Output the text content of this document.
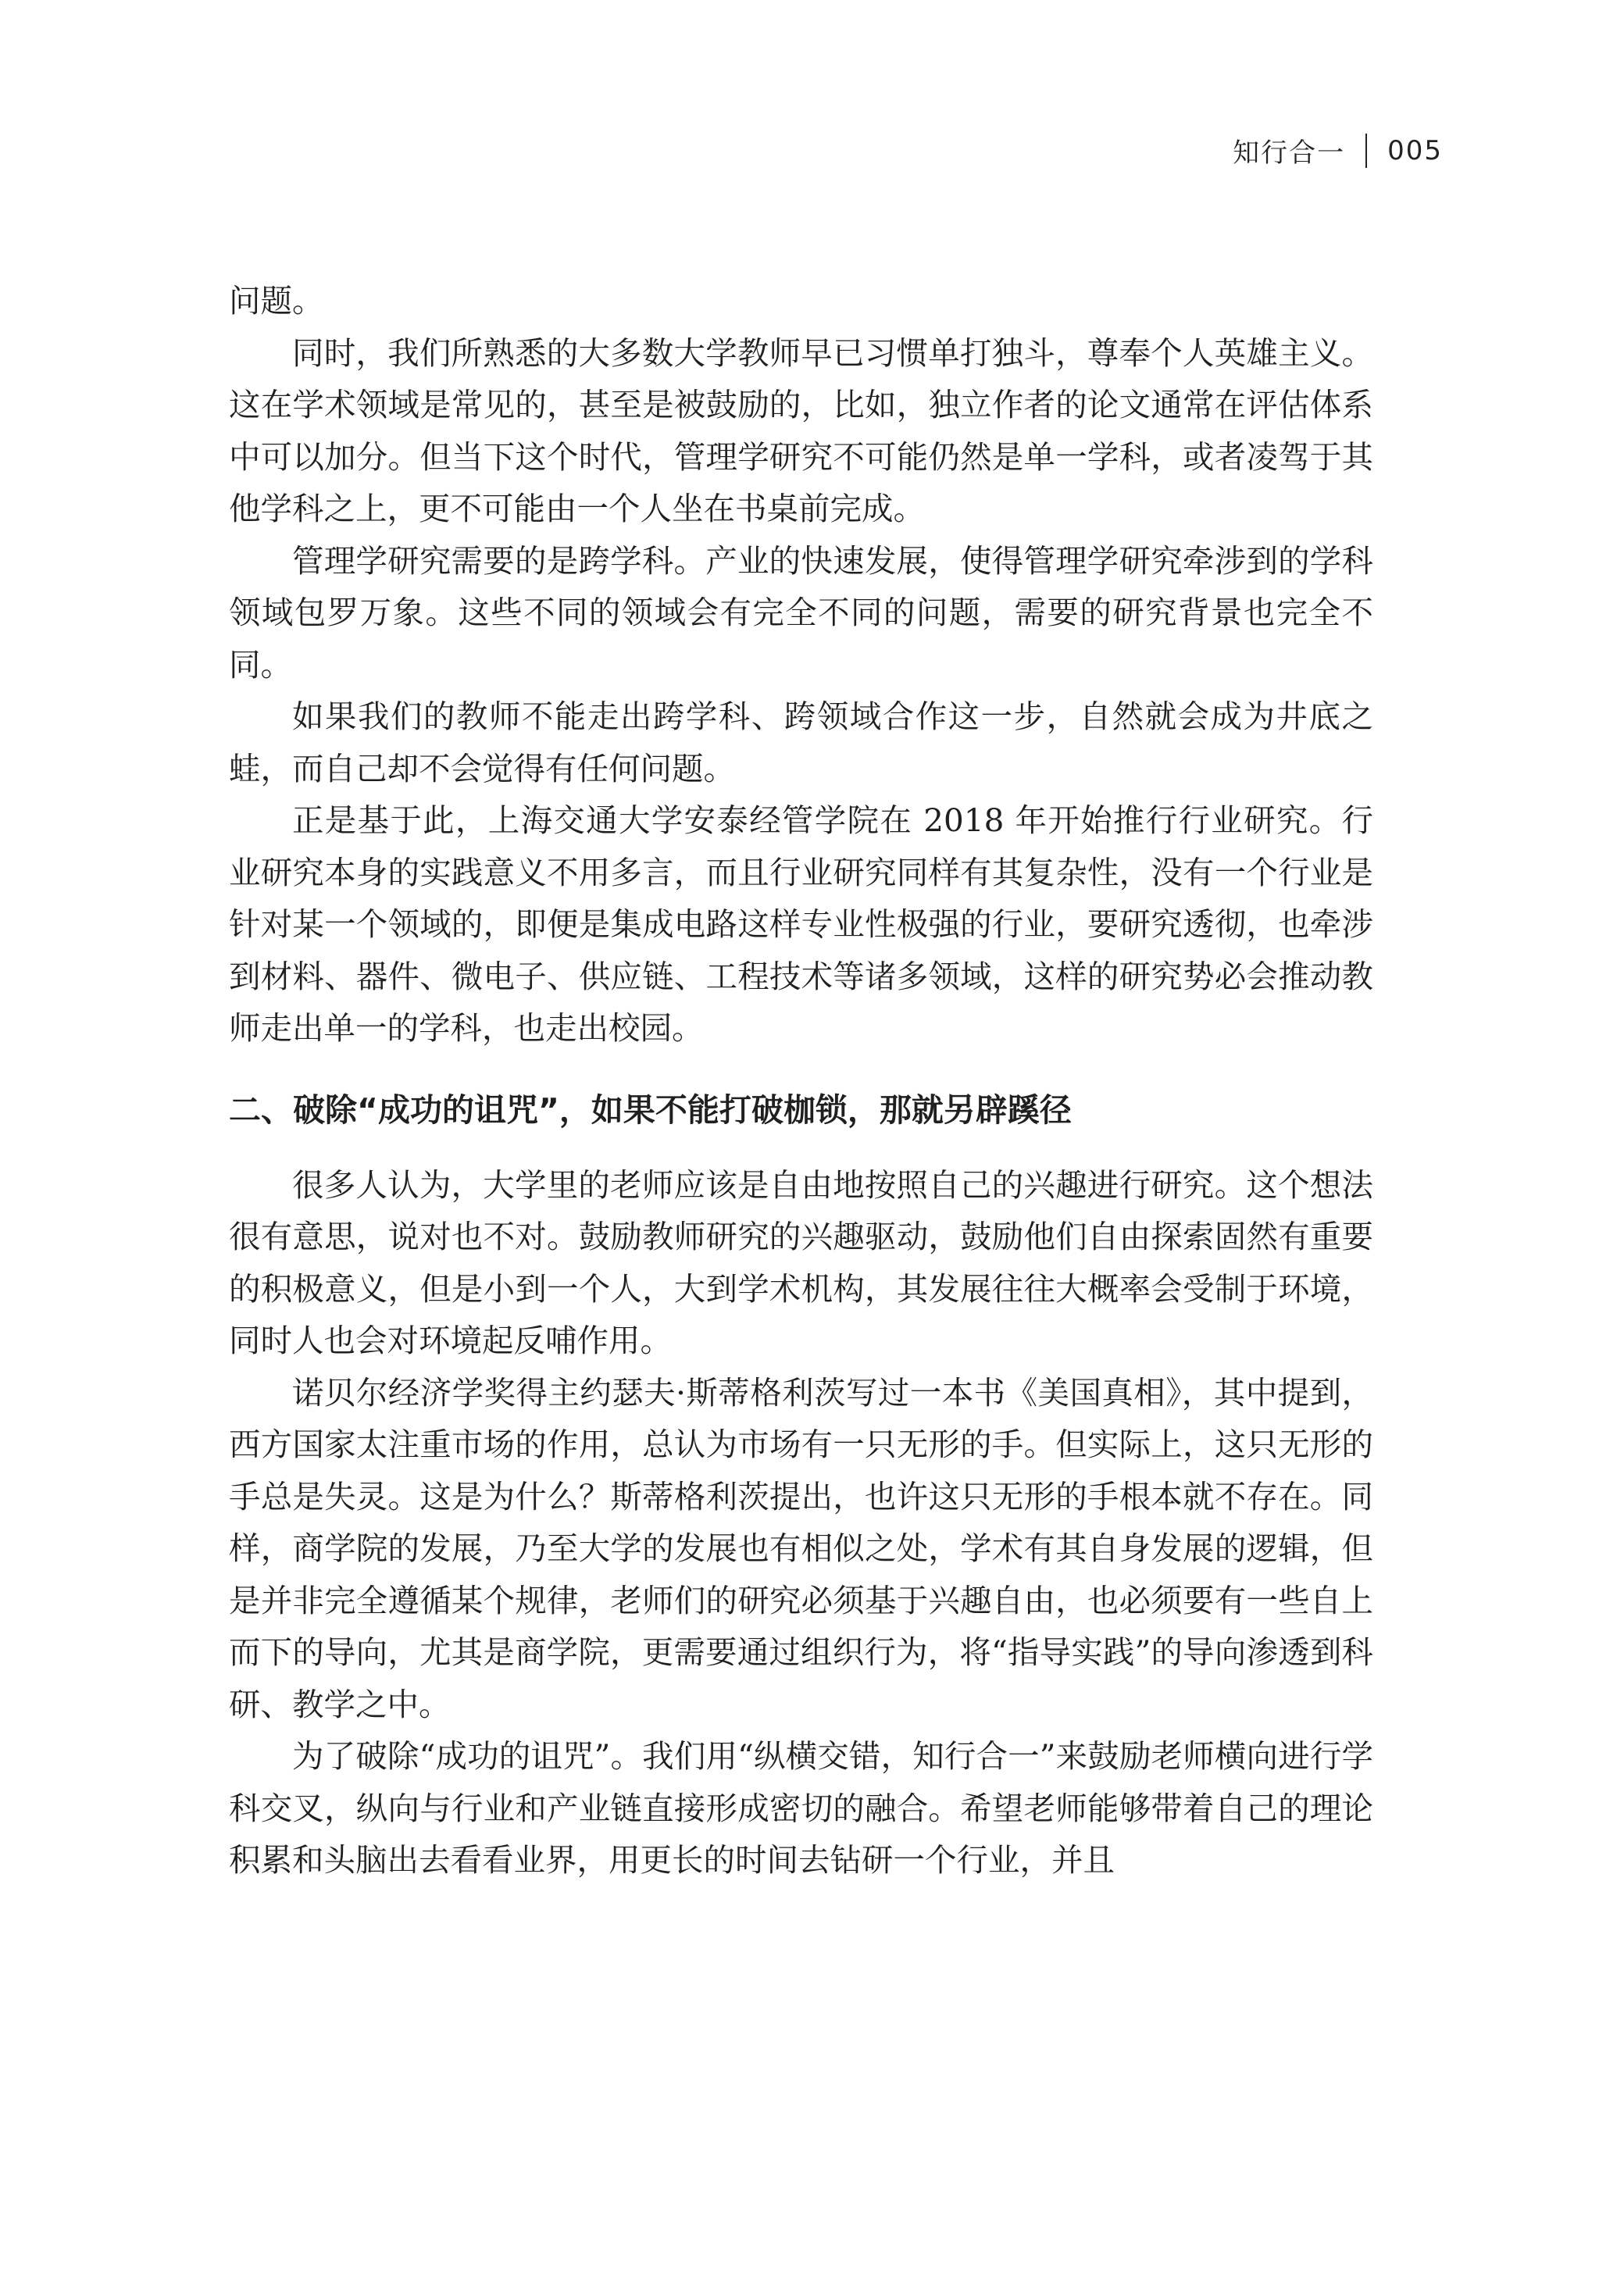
知行合一 005

问题。

同时，我们所熟悉的大多数大学教师早已习惯单打独斗，尊奉个人英雄主义。这在学术领域是常见的，甚至是被鼓励的，比如，独立作者的论文通常在评估体系中可以加分。但当下这个时代，管理学研究不可能仍然是单一学科，或者凌驾于其他学科之上，更不可能由一个人坐在书桌前完成。

管理学研究需要的是跨学科。产业的快速发展，使得管理学研究牵涉到的学科领域包罗万象。这些不同的领域会有完全不同的问题，需要的研究背景也完全不同。

如果我们的教师不能走出跨学科、跨领域合作这一步，自然就会成为井底之蛙，而自己却不会觉得有任何问题。

正是基于此，上海交通大学安泰经管学院在 2018 年开始推行行业研究。行业研究本身的实践意义不用多言，而且行业研究同样有其复杂性，没有一个行业是针对某一个领域的，即便是集成电路这样专业性极强的行业，要研究透彻，也牵涉到材料、器件、微电子、供应链、工程技术等诸多领域，这样的研究势必会推动教师走出单一的学科，也走出校园。

二、破除“成功的诅咒”，如果不能打破枷锁，那就另辟蹊径

很多人认为，大学里的老师应该是自由地按照自己的兴趣进行研究。这个想法很有意思，说对也不对。鼓励教师研究的兴趣驱动，鼓励他们自由探索固然有重要的积极意义，但是小到一个人，大到学术机构，其发展往往大概率会受制于环境，同时人也会对环境起反哺作用。

诺贝尔经济学奖得主约瑟夫·斯蒂格利茨写过一本书《美国真相》，其中提到，西方国家太注重市场的作用，总认为市场有一只无形的手。但实际上，这只无形的手总是失灵。这是为什么？斯蒂格利茨提出，也许这只无形的手根本就不存在。同样，商学院的发展，乃至大学的发展也有相似之处，学术有其自身发展的逻辑，但是并非完全遵循某个规律，老师们的研究必须基于兴趣自由，也必须要有一些自上而下的导向，尤其是商学院，更需要通过组织行为，将“指导实践”的导向渗透到科研、教学之中。

为了破除“成功的诅咒”。我们用“纵横交错，知行合一”来鼓励老师横向进行学科交叉，纵向与行业和产业链直接形成密切的融合。希望老师能够带着自己的理论积累和头脑出去看看业界，用更长的时间去钻研一个行业，并且
